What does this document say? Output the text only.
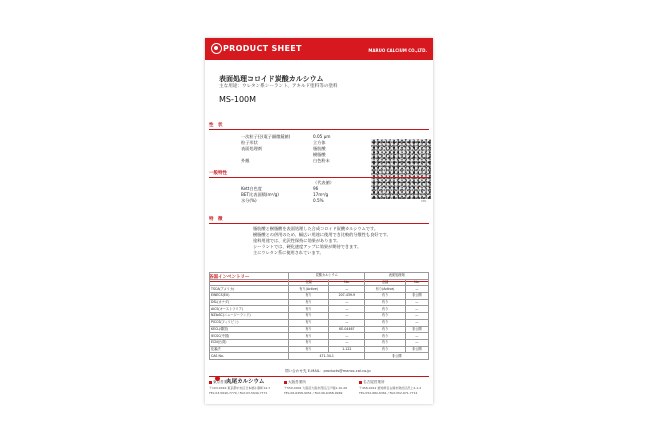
PRODUCT SHEET	MARUO CALCIUM CO.,LTD.
表面処理コロイド炭酸カルシウム
主な用途：ウレタン系シーラント、アキルド塗料等の塗料
MS-100M
性　状
一次粒子径(電子顕微鏡値)	0.05 μm
粒子形状	立方体
表面処理剤	脂肪酸
樹脂酸
外観	白色粉末
SEM
一般特性
（代表値）
Kett白色度	96
BET比表面積(m²/g)	17m²/g
水分(%)	0.5%
特　徴
脂肪酸と樹脂酸を表面処理した合成コロイド炭酸カルシウムです。
樹脂酸との併用のため、幅広い用途に使用でき比較的分散性も良好です。
塗料用途では、光沢性保持に効果があります。
シーラントでは、硬化速度アップに効果が期待できます。
主にウレタン系に使用されています。
各国インベントリー
		炭酸カルシウム		表面処理剤	
	登録	No.	登録	No.
TSCA(アメリカ)	有り(Active)	—	有り(Active)	—
EINECS(EU)	有り	207-439-9	有り	非公開
DSL(カナダ)	有り	—	有り	—
AICS(オーストラリア)	有り	—	有り	—
NZIoSC(ニュージーランド)	有り	—	有り	—
PICCS(フィリピン)	有り	—	有り	—
KECL(韓国)	有り	KE-04467	有り	非公開
IECSC(中国)	有り	—	有り	—
ECN(台湾)	有り	—	有り	—
化審法	有り	1-122	有り	非公開
CAS No.	471-34-1		非公開	
丸尾カルシウム
問い合わせ先 E-MAIL：products@maruo-cal.co.jp
東京営業所
〒103-0016 東京都中央区日本橋小網町14-7
TEL:03-5640-7770 / FAX:03-5640-7771
大阪営業所
〒550-0002 大阪府大阪市西区江戸堀1-10-26
TEL:06-6458-9951 / FAX:06-6458-9969
名古屋営業所
〒456-0012 愛知県名古屋市熱田区沢上2-1-2
TEL:052-682-6361 / FAX:052-671-7712
